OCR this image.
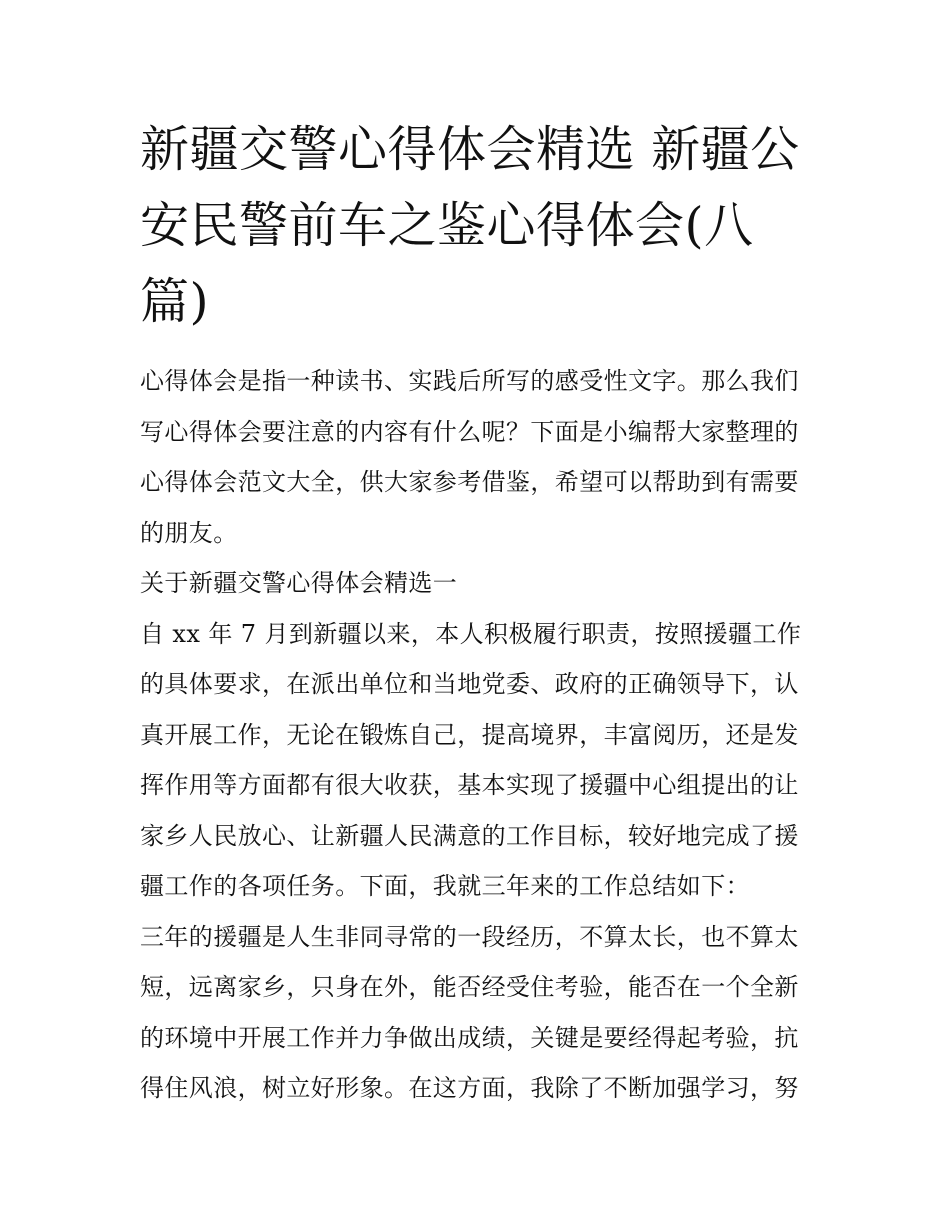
新疆交警心得体会精选 新疆公
安民警前车之鉴心得体会(八
篇)
心得体会是指一种读书、实践后所写的感受性文字。那么我们
写心得体会要注意的内容有什么呢？下面是小编帮大家整理的
心得体会范文大全，供大家参考借鉴，希望可以帮助到有需要
的朋友。
关于新疆交警心得体会精选一
自 xx 年 7 月到新疆以来，本人积极履行职责，按照援疆工作
的具体要求，在派出单位和当地党委、政府的正确领导下，认
真开展工作，无论在锻炼自己，提高境界，丰富阅历，还是发
挥作用等方面都有很大收获，基本实现了援疆中心组提出的让
家乡人民放心、让新疆人民满意的工作目标，较好地完成了援
疆工作的各项任务。下面，我就三年来的工作总结如下：
三年的援疆是人生非同寻常的一段经历，不算太长，也不算太
短，远离家乡，只身在外，能否经受住考验，能否在一个全新
的环境中开展工作并力争做出成绩，关键是要经得起考验，抗
得住风浪，树立好形象。在这方面，我除了不断加强学习，努
